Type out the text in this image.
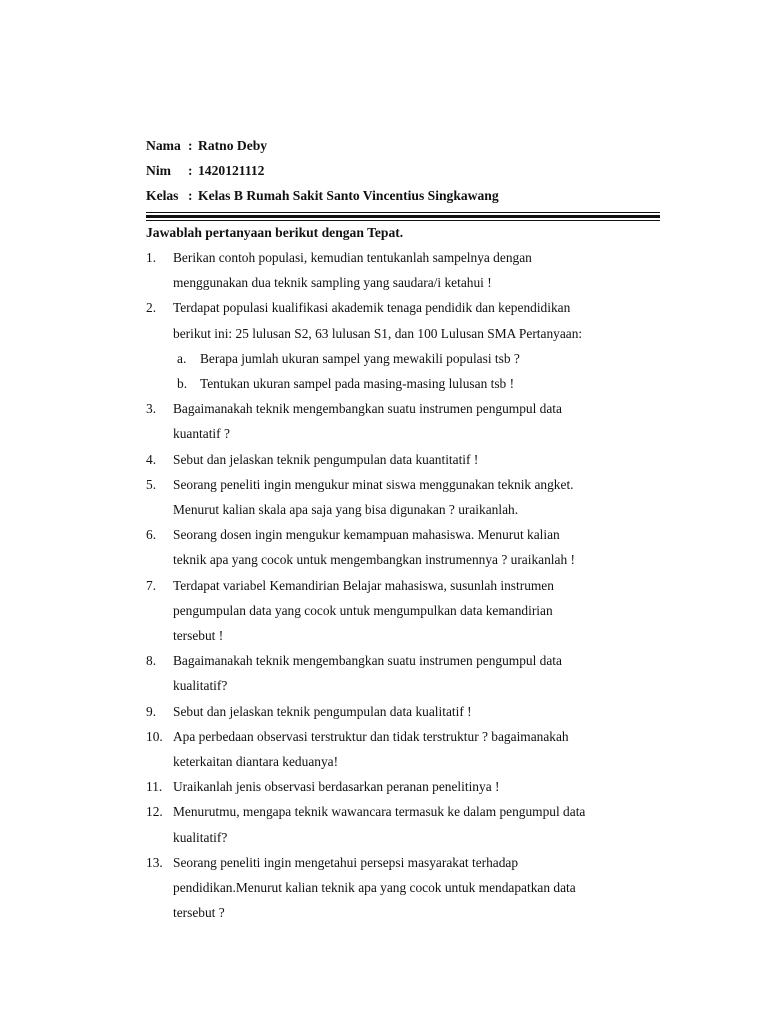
Nama : Ratno Deby
Nim : 1420121112
Kelas : Kelas B Rumah Sakit Santo Vincentius Singkawang
Jawablah pertanyaan berikut dengan Tepat.
1.	Berikan contoh populasi, kemudian tentukanlah sampelnya dengan
menggunakan dua teknik sampling yang saudara/i ketahui !
2.	Terdapat populasi kualifikasi akademik tenaga pendidik dan kependidikan
berikut ini: 25 lulusan S2, 63 lulusan S1, dan 100 Lulusan SMA Pertanyaan:
a. Berapa jumlah ukuran sampel yang mewakili populasi tsb ?
b. Tentukan ukuran sampel pada masing-masing lulusan tsb !
3.	Bagaimanakah teknik mengembangkan suatu instrumen pengumpul data
kuantatif ?
4.	Sebut dan jelaskan teknik pengumpulan data kuantitatif !
5.	Seorang peneliti ingin mengukur minat siswa menggunakan teknik angket.
Menurut kalian skala apa saja yang bisa digunakan ? uraikanlah.
6.	Seorang dosen ingin mengukur kemampuan mahasiswa. Menurut kalian
teknik apa yang cocok untuk mengembangkan instrumennya ? uraikanlah !
7.	Terdapat variabel Kemandirian Belajar mahasiswa, susunlah instrumen
pengumpulan data yang cocok untuk mengumpulkan data kemandirian
tersebut !
8.	Bagaimanakah teknik mengembangkan suatu instrumen pengumpul data
kualitatif?
9.	Sebut dan jelaskan teknik pengumpulan data kualitatif !
10. Apa perbedaan observasi terstruktur dan tidak terstruktur ? bagaimanakah
keterkaitan diantara keduanya!
11. Uraikanlah jenis observasi berdasarkan peranan penelitinya !
12. Menurutmu, mengapa teknik wawancara termasuk ke dalam pengumpul data
kualitatif?
13. Seorang peneliti ingin mengetahui persepsi masyarakat terhadap
pendidikan.Menurut kalian teknik apa yang cocok untuk mendapatkan data
tersebut ?
